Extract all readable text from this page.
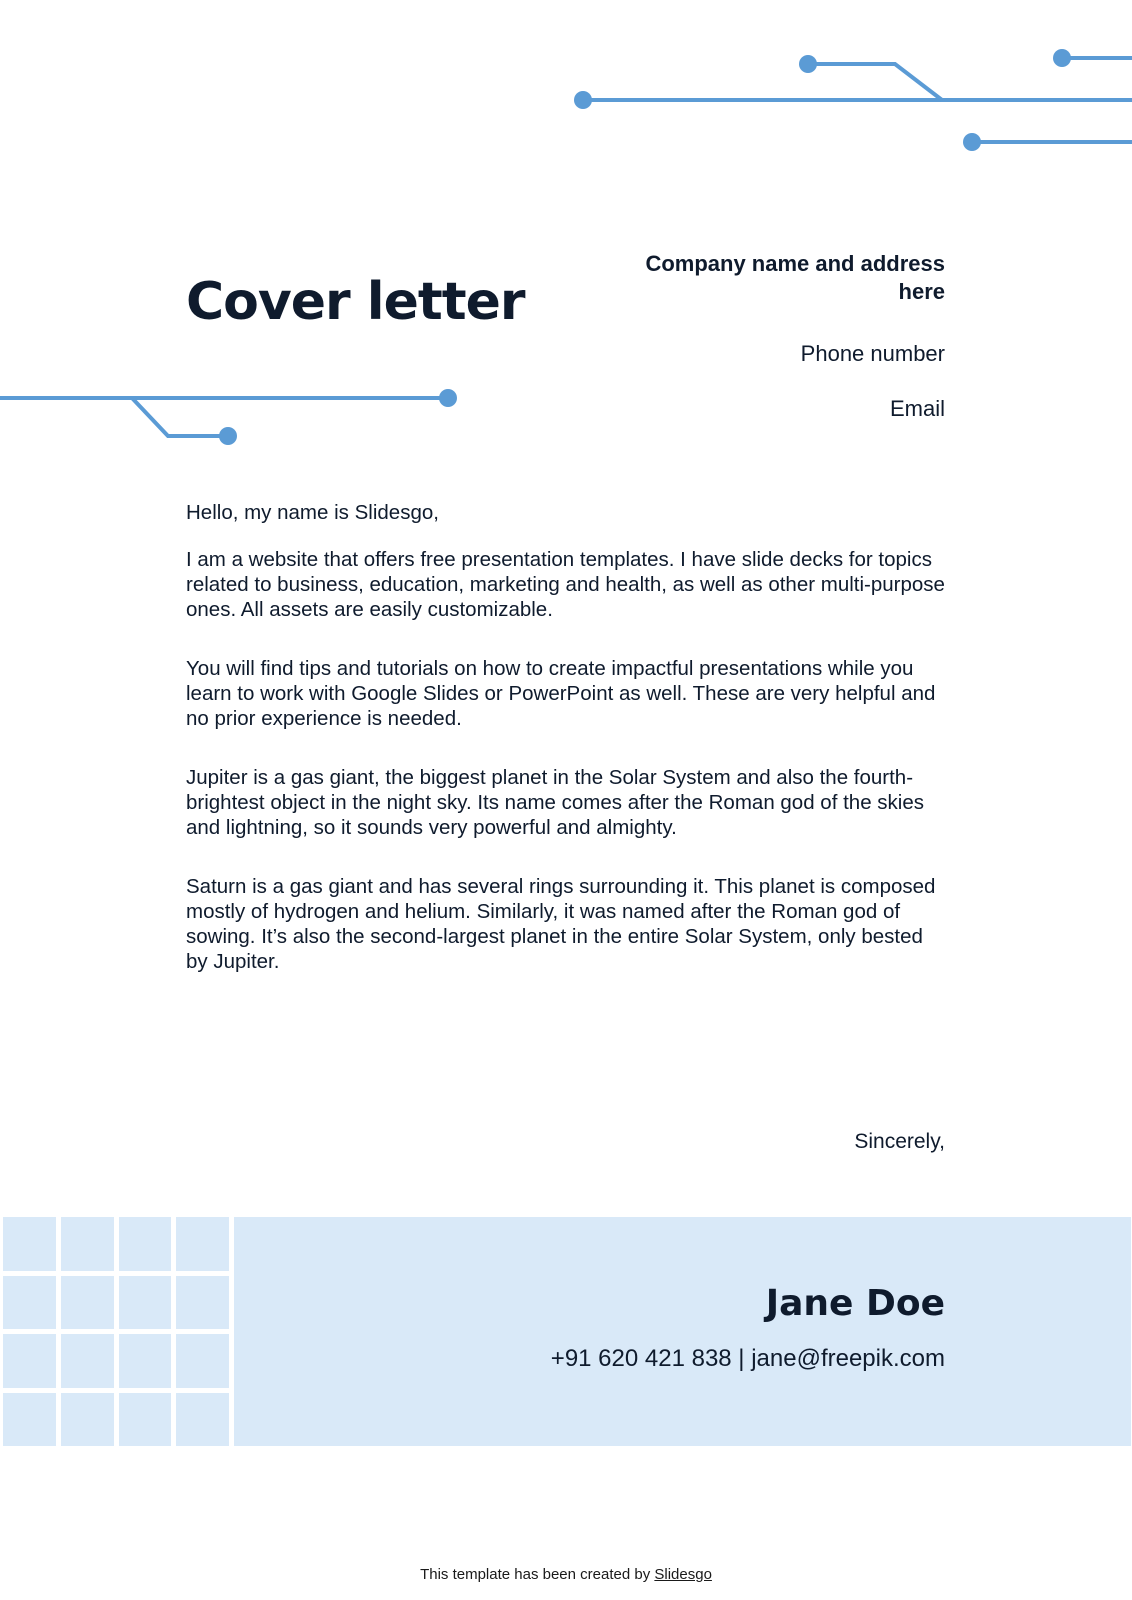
Cover letter
Company name and address here
Phone number
Email

Hello, my name is Slidesgo,

I am a website that offers free presentation templates. I have slide decks for topics related to business, education, marketing and health, as well as other multi-purpose ones. All assets are easily customizable.

You will find tips and tutorials on how to create impactful presentations while you learn to work with Google Slides or PowerPoint as well. These are very helpful and no prior experience is needed.

Jupiter is a gas giant, the biggest planet in the Solar System and also the fourth-brightest object in the night sky. Its name comes after the Roman god of the skies and lightning, so it sounds very powerful and almighty.

Saturn is a gas giant and has several rings surrounding it. This planet is composed mostly of hydrogen and helium. Similarly, it was named after the Roman god of sowing. It’s also the second-largest planet in the entire Solar System, only bested by Jupiter.

Sincerely,
Jane Doe
+91 620 421 838 | jane@freepik.com
This template has been created by Slidesgo
